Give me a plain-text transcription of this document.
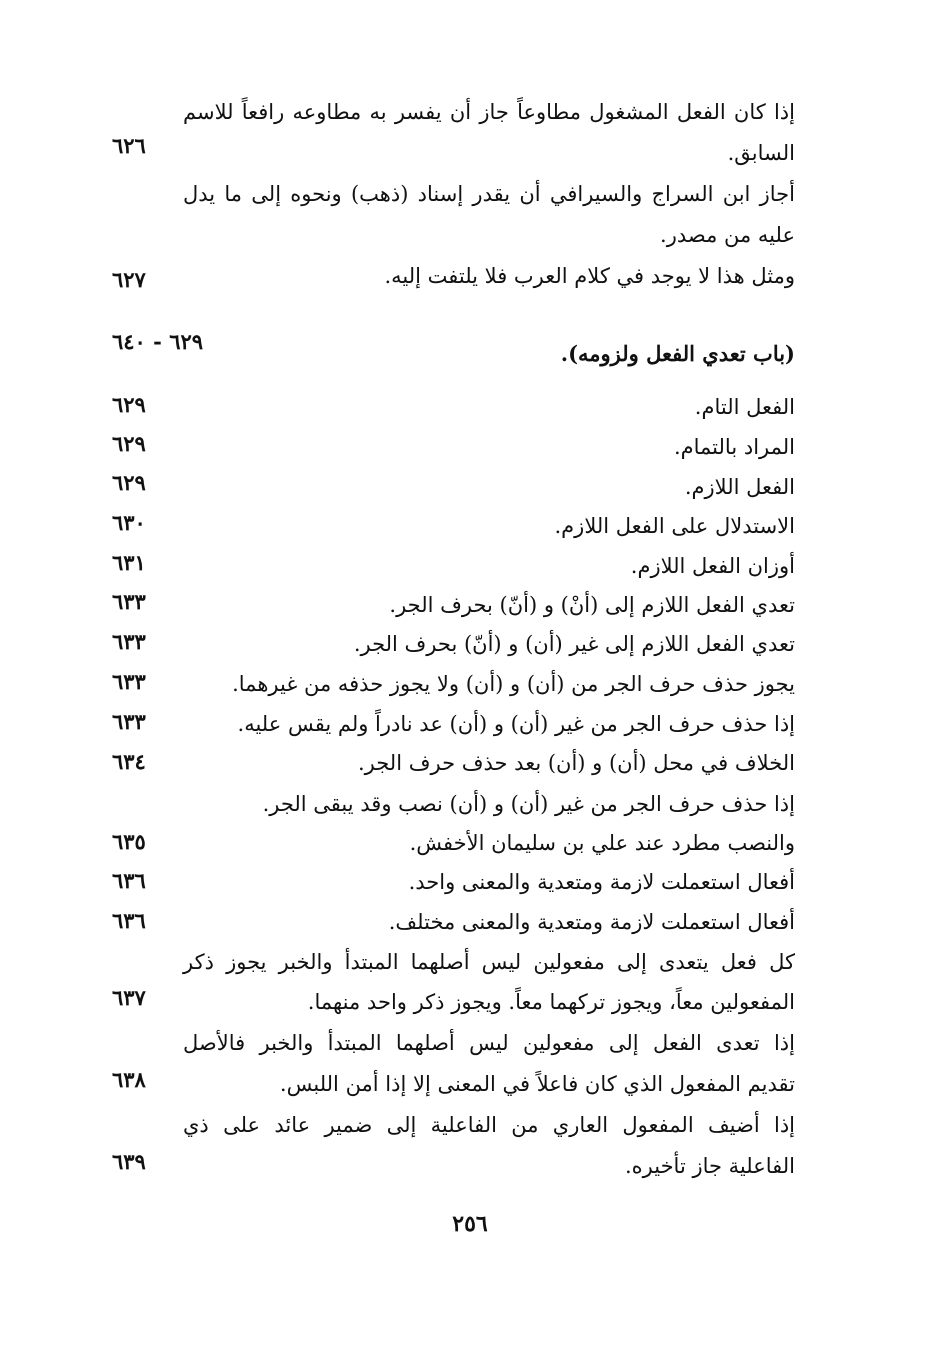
إذا كان الفعل المشغول مطاوعاً جاز أن يفسر به مطاوعه رافعاً للاسم
السابق.
٦٢٦
أجاز ابن السراج والسيرافي أن يقدر إسناد (ذهب) ونحوه إلى ما يدل
عليه من مصدر.
ومثل هذا لا يوجد في كلام العرب فلا يلتفت إليه.
٦٢٧
(باب تعدي الفعل ولزومه).
٦٢٩ - ٦٤٠
الفعل التام.
٦٢٩
المراد بالتمام.
٦٢٩
الفعل اللازم.
٦٢٩
الاستدلال على الفعل اللازم.
٦٣٠
أوزان الفعل اللازم.
٦٣١
تعدي الفعل اللازم إلى (أنْ) و (أنّ) بحرف الجر.
٦٣٣
تعدي الفعل اللازم إلى غير (أن) و (أنّ) بحرف الجر.
٦٣٣
يجوز حذف حرف الجر من (أن) و (أن) ولا يجوز حذفه من غيرهما.
٦٣٣
إذا حذف حرف الجر من غير (أن) و (أن) عد نادراً ولم يقس عليه.
٦٣٣
الخلاف في محل (أن) و (أن) بعد حذف حرف الجر.
٦٣٤
إذا حذف حرف الجر من غير (أن) و (أن) نصب وقد يبقى الجر.
والنصب مطرد عند علي بن سليمان الأخفش.
٦٣٥
أفعال استعملت لازمة ومتعدية والمعنى واحد.
٦٣٦
أفعال استعملت لازمة ومتعدية والمعنى مختلف.
٦٣٦
كل فعل يتعدى إلى مفعولين ليس أصلهما المبتدأ والخبر يجوز ذكر
المفعولين معاً، ويجوز تركهما معاً. ويجوز ذكر واحد منهما.
٦٣٧
إذا تعدى الفعل إلى مفعولين ليس أصلهما المبتدأ والخبر فالأصل
تقديم المفعول الذي كان فاعلاً في المعنى إلا إذا أمن اللبس.
٦٣٨
إذا أضيف المفعول العاري من الفاعلية إلى ضمير عائد على ذي
الفاعلية جاز تأخيره.
٦٣٩
٢٥٦
